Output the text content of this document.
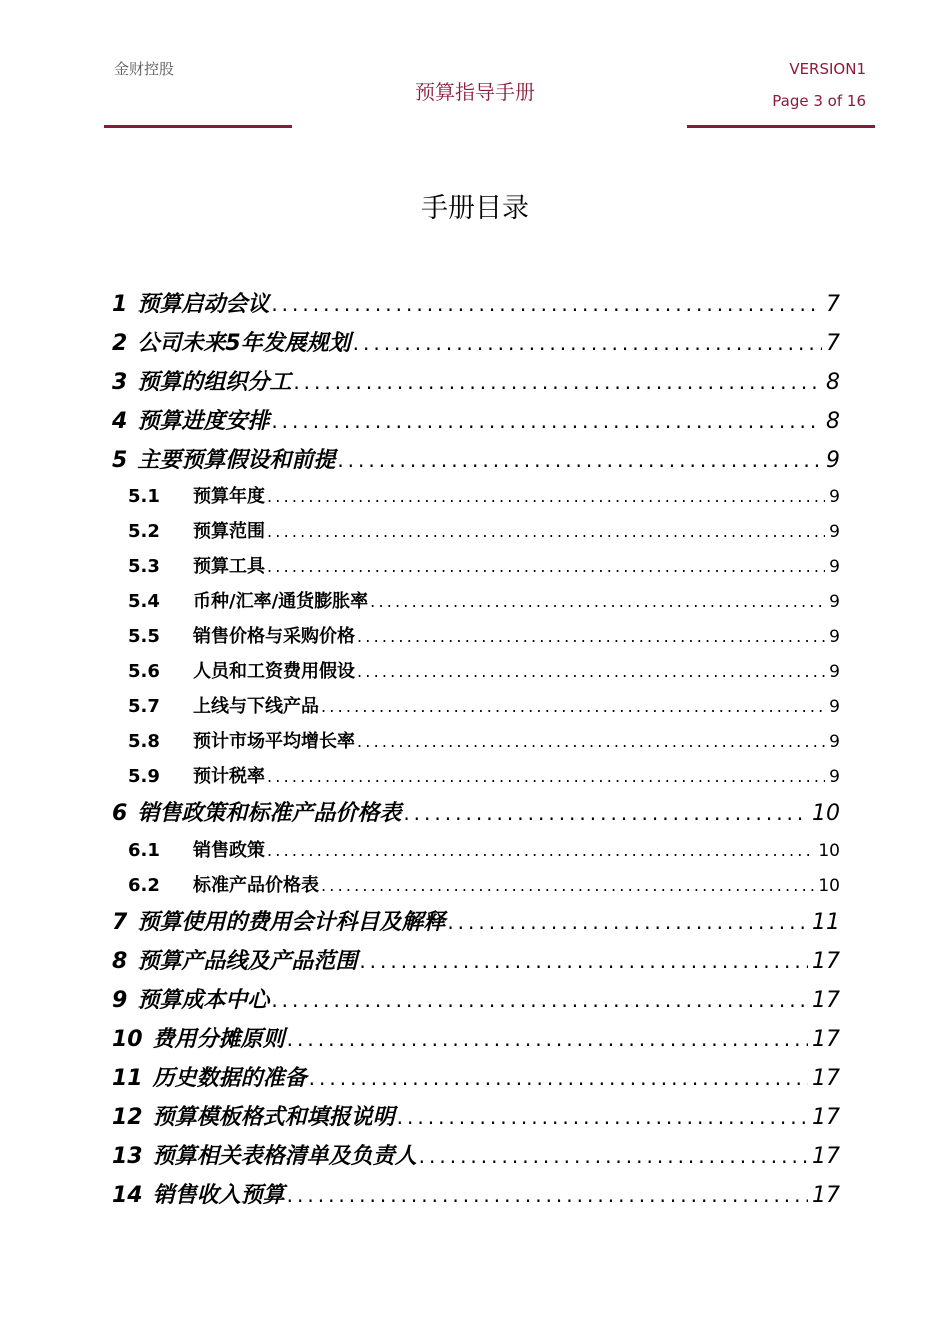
金财控股
预算指导手册
VERSION1
Page 3 of 16
手册目录
1 预算启动会议 .....	7
2 公司未来5年发展规划 .....	7
3 预算的组织分工 .....	8
4 预算进度安排 .....	8
5 主要预算假设和前提 .....	9
5.1	预算年度 .....	9
5.2	预算范围 .....	9
5.3	预算工具 .....	9
5.4	币种/汇率/通货膨胀率 .....	9
5.5	销售价格与采购价格 .....	9
5.6	人员和工资费用假设 .....	9
5.7	上线与下线产品 .....	9
5.8	预计市场平均增长率 .....	9
5.9	预计税率 .....	9
6 销售政策和标准产品价格表 .....	10
6.1	销售政策 .....	10
6.2	标准产品价格表 .....	10
7 预算使用的费用会计科目及解释 .....	11
8 预算产品线及产品范围 .....	17
9 预算成本中心 .....	17
10 费用分摊原则 .....	17
11 历史数据的准备 .....	17
12 预算模板格式和填报说明 .....	17
13 预算相关表格清单及负责人 .....	17
14 销售收入预算 .....	17
